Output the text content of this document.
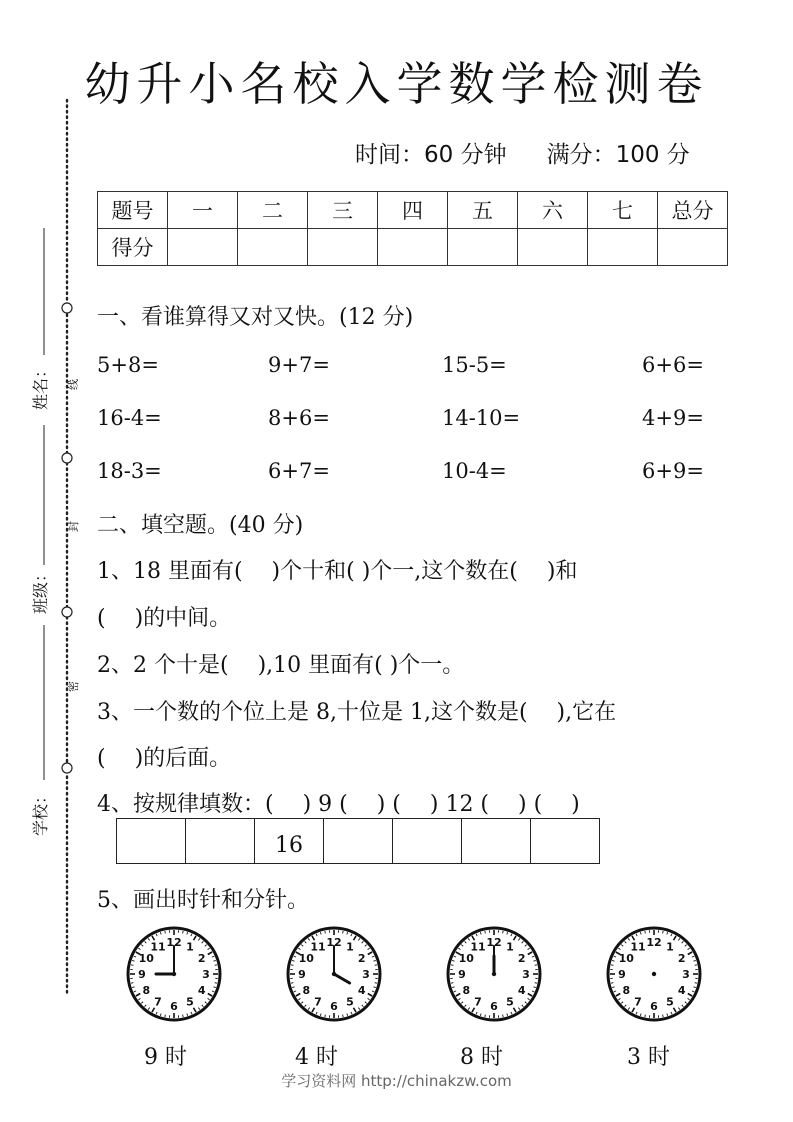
姓名：
班级：
学校：
线
封
密
幼升小名校入学数学检测卷
时间：60 分钟 满分：100 分
题号	一	二	三	四	五	六	七	总分
得分								
一、看谁算得又对又快。(12 分)
5+8=	9+7=	15-5=	6+6=
16-4=	8+6=	14-10=	4+9=
18-3=	6+7=	10-4=	6+9=
二、填空题。(40 分)
1、18 里面有(　 )个十和( )个一,这个数在(　 )和
(　 )的中间。
2、2 个十是(　 ),10 里面有( )个一。
3、一个数的个位上是 8,十位是 1,这个数是(　 ),它在
(　 )的后面。
4、按规律填数：(　 ) 9 (　 ) (　 ) 12 (　 ) (　 )
16
5、画出时针和分针。
1
2
3
4
5
6
7
8
9
10
11 12	1
2
3
4
5
6
7
8
9
10
11 12	1
2
3
4
5
6
7
8
9
10
11 12	1
2
3
4
5
6
7
8
9
10
11 12
9 时	4 时	8 时	3 时
学习资料网 http://chinakzw.com
